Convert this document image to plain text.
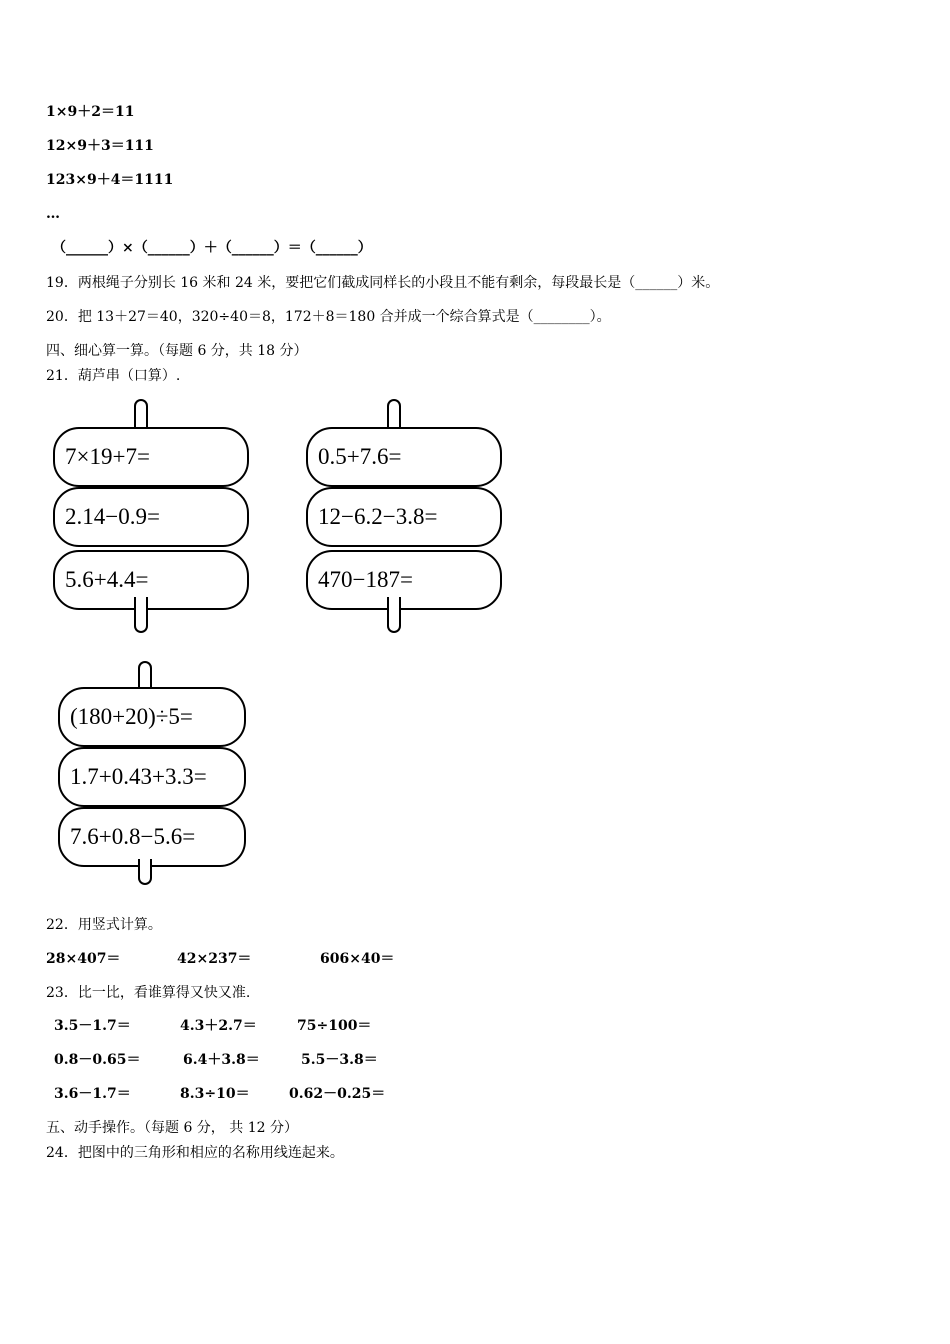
1×9＋2＝11
12×9＋3＝111
123×9＋4＝1111
…
（______）×（______）＋（______）＝（______）
19．两根绳子分别长 16 米和 24 米，要把它们截成同样长的小段且不能有剩余，每段最长是（______）米。
20．把 13＋27＝40，320÷40＝8，172＋8＝180 合并成一个综合算式是（________）。
四、细心算一算。（每题 6 分，共 18 分）
21．葫芦串（口算）.
7×19+7=
2.14−0.9=
5.6+4.4=
0.5+7.6=
12−6.2−3.8=
470−187=
(180+20)÷5=
1.7+0.43+3.3=
7.6+0.8−5.6=
22．用竖式计算。
28×407＝	42×237＝	606×40＝
23．比一比，看谁算得又快又准.
3.5－1.7＝	4.3＋2.7＝	75÷100＝
0.8－0.65＝	6.4＋3.8＝	5.5－3.8＝
3.6－1.7＝	8.3÷10＝	0.62－0.25＝
五、动手操作。（每题 6 分， 共 12 分）
24．把图中的三角形和相应的名称用线连起来。
